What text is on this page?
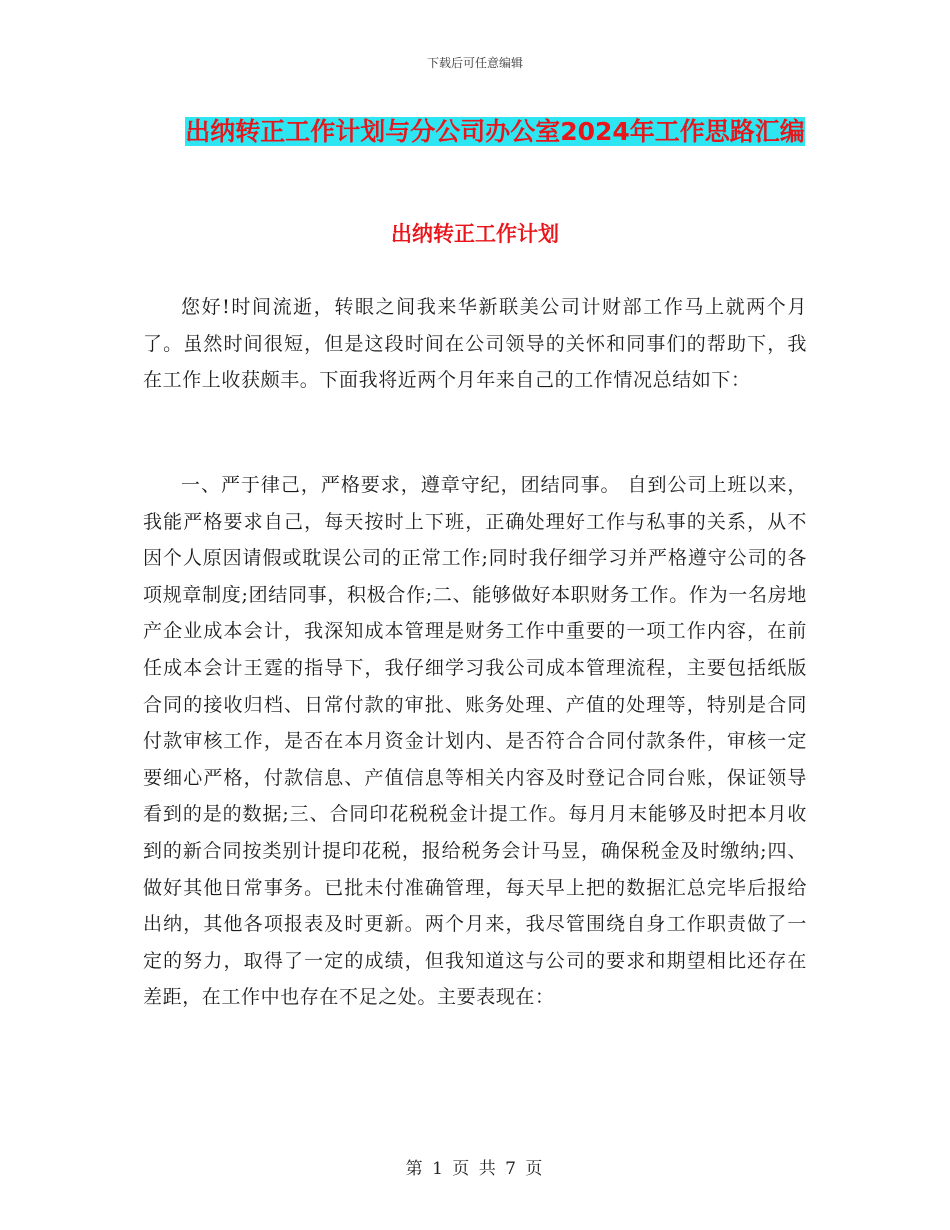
下载后可任意编辑
出纳转正工作计划与分公司办公室2024年工作思路汇编
出纳转正工作计划

您好!时间流逝，转眼之间我来华新联美公司计财部工作马上就两个月了。虽然时间很短，但是这段时间在公司领导的关怀和同事们的帮助下，我在工作上收获颇丰。下面我将近两个月年来自己的工作情况总结如下：

一、严于律己，严格要求，遵章守纪，团结同事。 自到公司上班以来，我能严格要求自己，每天按时上下班，正确处理好工作与私事的关系，从不因个人原因请假或耽误公司的正常工作;同时我仔细学习并严格遵守公司的各项规章制度;团结同事，积极合作;二、能够做好本职财务工作。作为一名房地产企业成本会计，我深知成本管理是财务工作中重要的一项工作内容，在前任成本会计王霆的指导下，我仔细学习我公司成本管理流程，主要包括纸版合同的接收归档、日常付款的审批、账务处理、产值的处理等，特别是合同付款审核工作，是否在本月资金计划内、是否符合合同付款条件，审核一定要细心严格，付款信息、产值信息等相关内容及时登记合同台账，保证领导看到的是的数据;三、合同印花税税金计提工作。每月月末能够及时把本月收到的新合同按类别计提印花税，报给税务会计马昱，确保税金及时缴纳;四、做好其他日常事务。已批未付准确管理，每天早上把的数据汇总完毕后报给出纳，其他各项报表及时更新。两个月来，我尽管围绕自身工作职责做了一定的努力，取得了一定的成绩，但我知道这与公司的要求和期望相比还存在差距，在工作中也存在不足之处。主要表现在：

第 1 页 共 7 页
